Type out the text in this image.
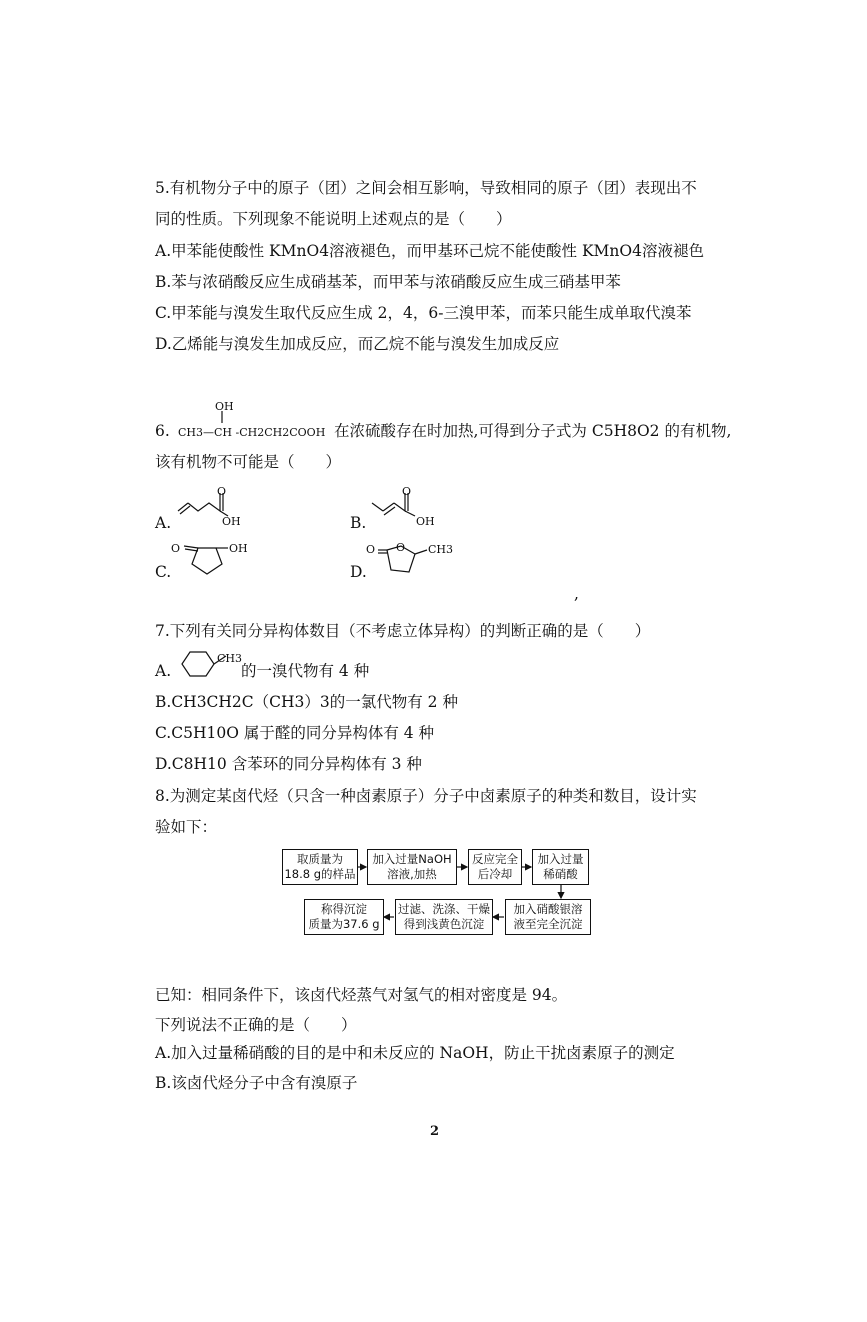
5.有机物分子中的原子（团）之间会相互影响，导致相同的原子（团）表现出不
同的性质。下列现象不能说明上述观点的是（　　）
A.甲苯能使酸性 KMnO4溶液褪色，而甲基环己烷不能使酸性 KMnO4溶液褪色
B.苯与浓硝酸反应生成硝基苯，而甲苯与浓硝酸反应生成三硝基甲苯
C.甲苯能与溴发生取代反应生成 2，4，6-三溴甲苯，而苯只能生成单取代溴苯
D.乙烯能与溴发生加成反应，而乙烷不能与溴发生加成反应
OH
6. CH3—CH -CH2CH2COOH 在浓硫酸存在时加热,可得到分子式为 C5H8O2 的有机物,
该有机物不可能是（　　）
A.
O
OH	B.
O
OH
C.
O	OH
D.
O O CH3
,
7.下列有关同分异构体数目（不考虑立体异构）的判断正确的是（　　）
A.
CH3
的一溴代物有 4 种
B.CH3CH2C（CH3）3的一氯代物有 2 种
C.C5H10O 属于醛的同分异构体有 4 种
D.C8H10 含苯环的同分异构体有 3 种
8.为测定某卤代烃（只含一种卤素原子）分子中卤素原子的种类和数目，设计实
验如下：
取质量为
18.8 g的样品
加入过量NaOH
溶液,加热
反应完全
后冷却
加入过量
稀硝酸
称得沉淀
质量为37.6 g
过滤、洗涤、干燥
得到浅黄色沉淀
加入硝酸银溶
液至完全沉淀
已知：相同条件下，该卤代烃蒸气对氢气的相对密度是 94。
下列说法不正确的是（　　）
A.加入过量稀硝酸的目的是中和未反应的 NaOH，防止干扰卤素原子的测定
B.该卤代烃分子中含有溴原子
2
